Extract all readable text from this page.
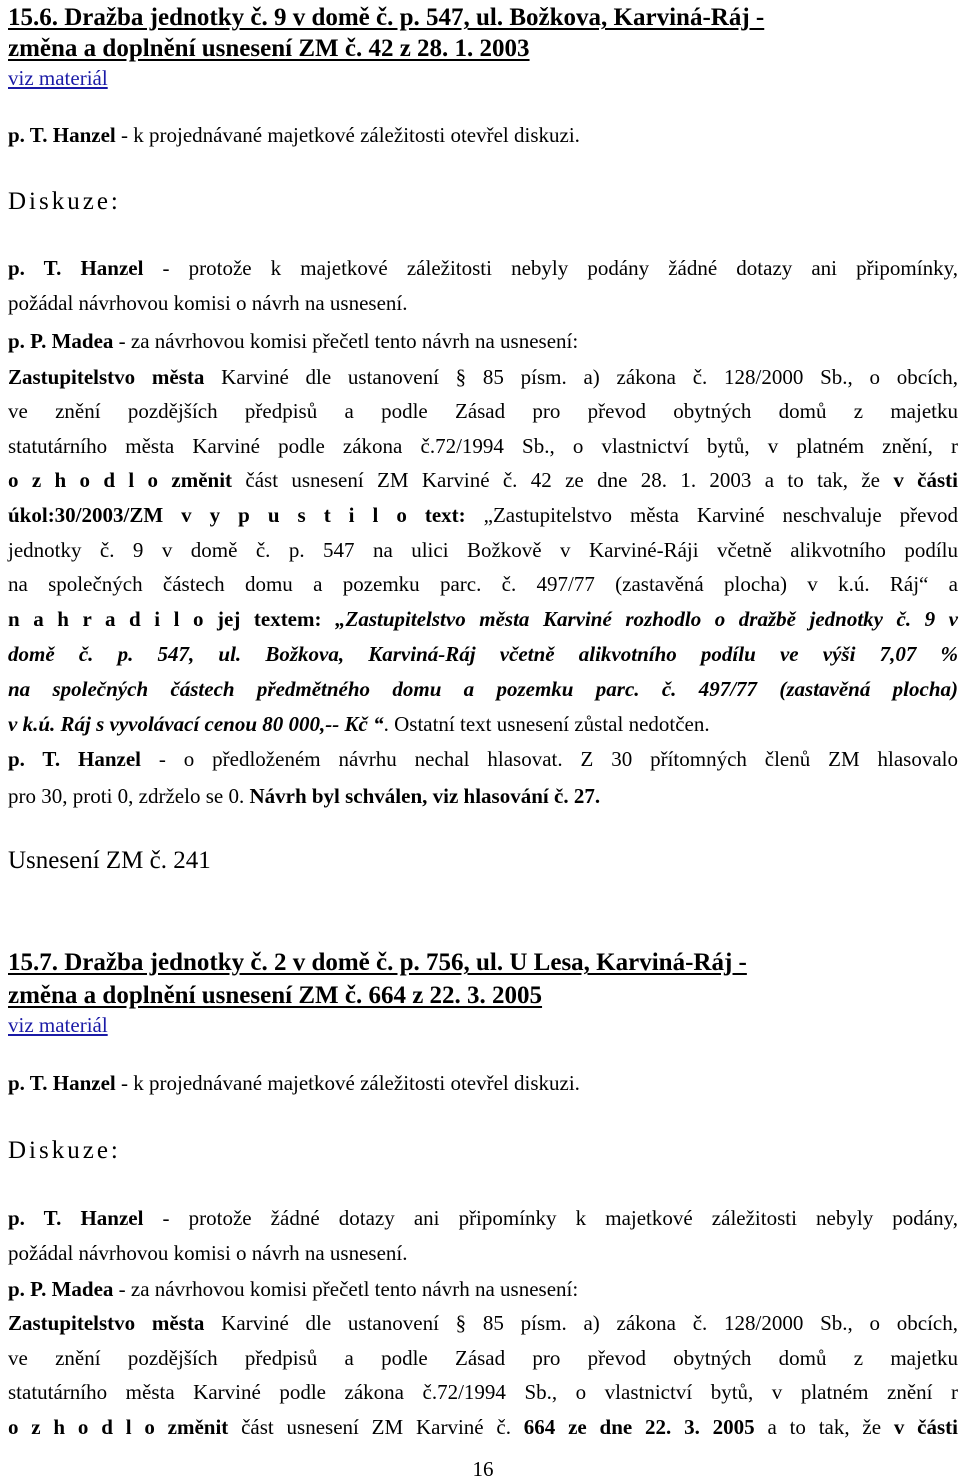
15.6. Dražba jednotky č. 9 v domě č. p. 547, ul. Božkova, Karviná-Ráj -
změna a doplnění usnesení ZM č. 42 z 28. 1. 2003
viz materiál
p. T. Hanzel - k projednávané majetkové záležitosti otevřel diskuzi.
Diskuze:
p. T. Hanzel - protože k majetkové záležitosti nebyly podány žádné dotazy ani připomínky,
požádal návrhovou komisi o návrh na usnesení.
p. P. Madea - za návrhovou komisi přečetl tento návrh na usnesení:
Zastupitelstvo města Karviné dle ustanovení § 85 písm. a) zákona č. 128/2000 Sb., o obcích,
ve znění pozdějších předpisů a podle Zásad pro převod obytných domů z majetku
statutárního města Karviné podle zákona č.72/1994 Sb., o vlastnictví bytů, v platném znění, r
o z h o d l o změnit část usnesení ZM Karviné č. 42 ze dne 28. 1. 2003 a to tak, že v části
úkol:30/2003/ZM v y p u s t i l o text: „Zastupitelstvo města Karviné neschvaluje převod
jednotky č. 9 v domě č. p. 547 na ulici Božkově v Karviné-Ráji včetně alikvotního podílu
na společných částech domu a pozemku parc. č. 497/77 (zastavěná plocha) v k.ú. Ráj“ a
n a h r a d i l o jej textem: „Zastupitelstvo města Karviné rozhodlo o dražbě jednotky č. 9 v
domě č. p. 547, ul. Božkova, Karviná-Ráj včetně alikvotního podílu ve výši 7,07 %
na společných částech předmětného domu a pozemku parc. č. 497/77 (zastavěná plocha)
v k.ú. Ráj s vyvolávací cenou 80 000,-- Kč “. Ostatní text usnesení zůstal nedotčen.
p. T. Hanzel - o předloženém návrhu nechal hlasovat. Z 30 přítomných členů ZM hlasovalo
pro 30, proti 0, zdrželo se 0. Návrh byl schválen, viz hlasování č. 27.
Usnesení ZM č. 241
15.7. Dražba jednotky č. 2 v domě č. p. 756, ul. U Lesa, Karviná-Ráj -
změna a doplnění usnesení ZM č. 664 z 22. 3. 2005
viz materiál
p. T. Hanzel - k projednávané majetkové záležitosti otevřel diskuzi.
Diskuze:
p. T. Hanzel - protože žádné dotazy ani připomínky k majetkové záležitosti nebyly podány,
požádal návrhovou komisi o návrh na usnesení.
p. P. Madea - za návrhovou komisi přečetl tento návrh na usnesení:
Zastupitelstvo města Karviné dle ustanovení § 85 písm. a) zákona č. 128/2000 Sb., o obcích,
ve znění pozdějších předpisů a podle Zásad pro převod obytných domů z majetku
statutárního města Karviné podle zákona č.72/1994 Sb., o vlastnictví bytů, v platném znění r
o z h o d l o změnit část usnesení ZM Karviné č. 664 ze dne 22. 3. 2005 a to tak, že v části
16
